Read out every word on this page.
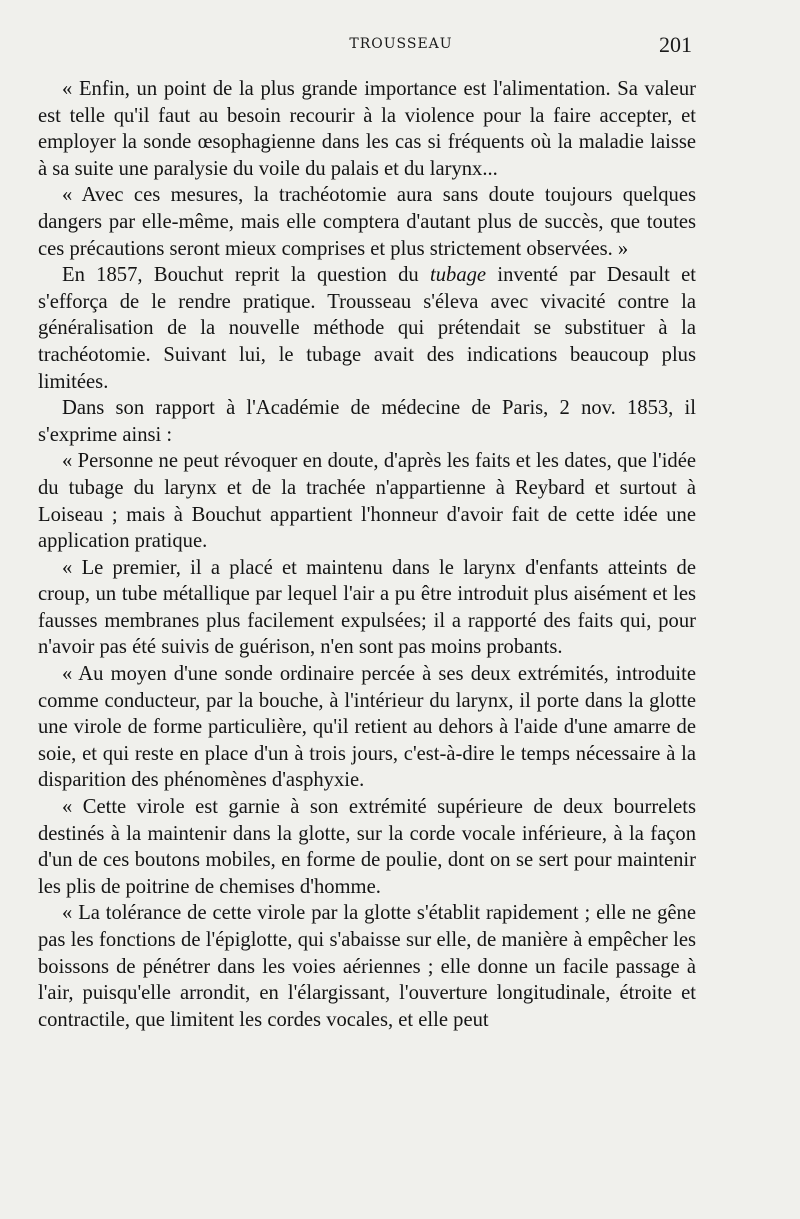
TROUSSEAU	201

« Enfin, un point de la plus grande importance est l'alimentation. Sa valeur est telle qu'il faut au besoin recourir à la violence pour la faire accepter, et employer la sonde œsophagienne dans les cas si fréquents où la maladie laisse à sa suite une paralysie du voile du palais et du larynx...

« Avec ces mesures, la trachéotomie aura sans doute toujours quelques dangers par elle-même, mais elle comptera d'autant plus de succès, que toutes ces précautions seront mieux comprises et plus strictement observées. »

En 1857, Bouchut reprit la question du tubage inventé par Desault et s'efforça de le rendre pratique. Trousseau s'éleva avec vivacité contre la généralisation de la nouvelle méthode qui prétendait se substituer à la trachéotomie. Suivant lui, le tubage avait des indications beaucoup plus limitées.

Dans son rapport à l'Académie de médecine de Paris, 2 nov. 1853, il s'exprime ainsi :

« Personne ne peut révoquer en doute, d'après les faits et les dates, que l'idée du tubage du larynx et de la trachée n'appartienne à Reybard et surtout à Loiseau ; mais à Bouchut appartient l'honneur d'avoir fait de cette idée une application pratique.

« Le premier, il a placé et maintenu dans le larynx d'enfants atteints de croup, un tube métallique par lequel l'air a pu être introduit plus aisément et les fausses membranes plus facilement expulsées; il a rapporté des faits qui, pour n'avoir pas été suivis de guérison, n'en sont pas moins probants.

« Au moyen d'une sonde ordinaire percée à ses deux extrémités, introduite comme conducteur, par la bouche, à l'intérieur du larynx, il porte dans la glotte une virole de forme particulière, qu'il retient au dehors à l'aide d'une amarre de soie, et qui reste en place d'un à trois jours, c'est-à-dire le temps nécessaire à la disparition des phénomènes d'asphyxie.

« Cette virole est garnie à son extrémité supérieure de deux bourrelets destinés à la maintenir dans la glotte, sur la corde vocale inférieure, à la façon d'un de ces boutons mobiles, en forme de poulie, dont on se sert pour maintenir les plis de poitrine de chemises d'homme.

« La tolérance de cette virole par la glotte s'établit rapidement ; elle ne gêne pas les fonctions de l'épiglotte, qui s'abaisse sur elle, de manière à empêcher les boissons de pénétrer dans les voies aériennes ; elle donne un facile passage à l'air, puisqu'elle arrondit, en l'élargissant, l'ouverture longitudinale, étroite et contractile, que limitent les cordes vocales, et elle peut
